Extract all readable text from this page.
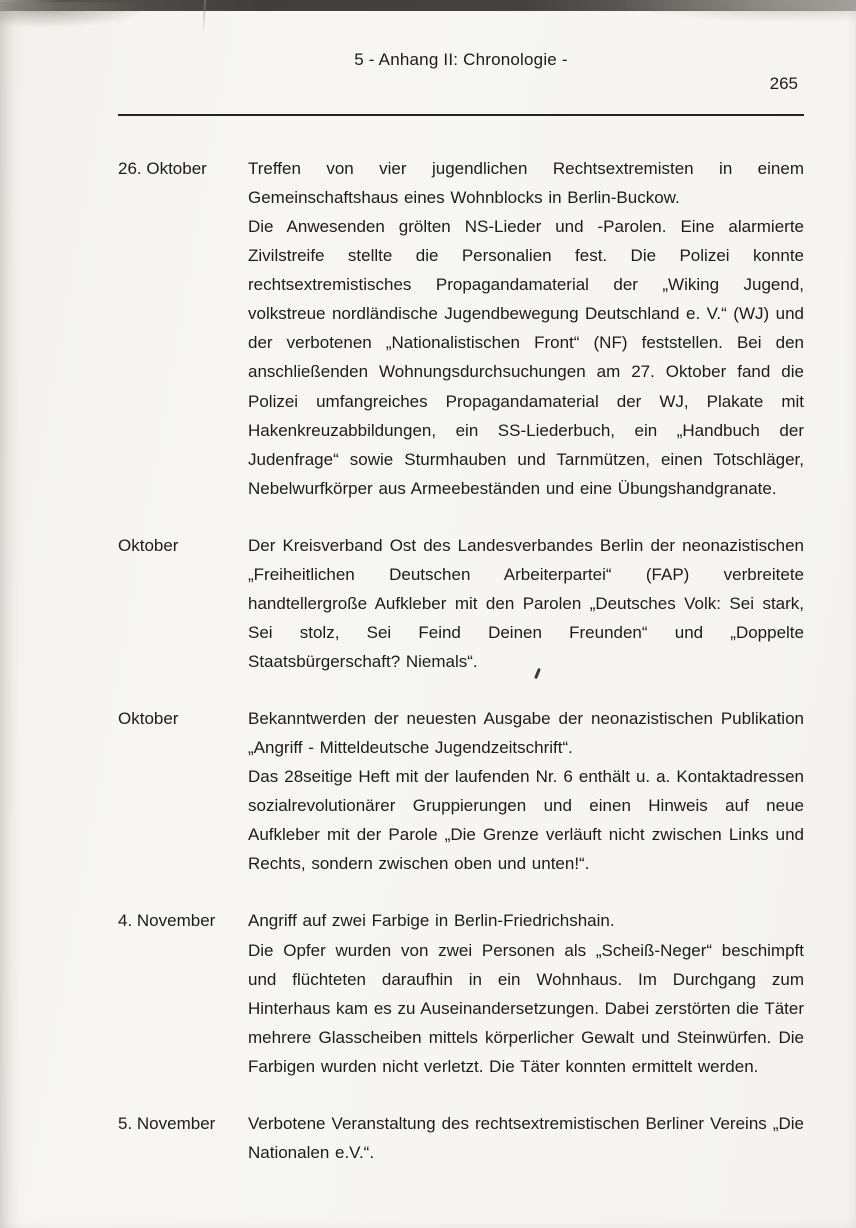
5 - Anhang II: Chronologie -
265
26. Oktober	Treffen von vier jugendlichen Rechtsextremisten in einem Gemeinschaftshaus eines Wohnblocks in Berlin-Buckow.

Die Anwesenden grölten NS-Lieder und -Parolen. Eine alarmierte Zivilstreife stellte die Personalien fest. Die Polizei konnte rechtsextremistisches Propagandamaterial der „Wiking Jugend, volkstreue nordländische Jugendbewegung Deutschland e. V.“ (WJ) und der verbotenen „Nationalistischen Front“ (NF) feststellen. Bei den anschließenden Wohnungsdurchsuchungen am 27. Oktober fand die Polizei umfangreiches Propagandamaterial der WJ, Plakate mit Hakenkreuzabbildungen, ein SS-Liederbuch, ein „Handbuch der Judenfrage“ sowie Sturmhauben und Tarnmützen, einen Totschläger, Nebelwurfkörper aus Armeebeständen und eine Übungshandgranate.

Oktober	Der Kreisverband Ost des Landesverbandes Berlin der neonazistischen „Freiheitlichen Deutschen Arbeiterpartei“ (FAP) verbreitete handtellergroße Aufkleber mit den Parolen „Deutsches Volk: Sei stark, Sei stolz, Sei Feind Deinen Freunden“ und „Doppelte Staatsbürgerschaft? Niemals“.

Oktober	Bekanntwerden der neuesten Ausgabe der neonazistischen Publikation „Angriff - Mitteldeutsche Jugendzeitschrift“.

Das 28seitige Heft mit der laufenden Nr. 6 enthält u. a. Kontaktadressen sozialrevolutionärer Gruppierungen und einen Hinweis auf neue Aufkleber mit der Parole „Die Grenze verläuft nicht zwischen Links und Rechts, sondern zwischen oben und unten!“.

4. November	Angriff auf zwei Farbige in Berlin-Friedrichshain.

Die Opfer wurden von zwei Personen als „Scheiß-Neger“ beschimpft und flüchteten daraufhin in ein Wohnhaus. Im Durchgang zum Hinterhaus kam es zu Auseinandersetzungen. Dabei zerstörten die Täter mehrere Glasscheiben mittels körperlicher Gewalt und Steinwürfen. Die Farbigen wurden nicht verletzt. Die Täter konnten ermittelt werden.

5. November	Verbotene Veranstaltung des rechtsextremistischen Berliner Vereins „Die Nationalen e.V.“.
